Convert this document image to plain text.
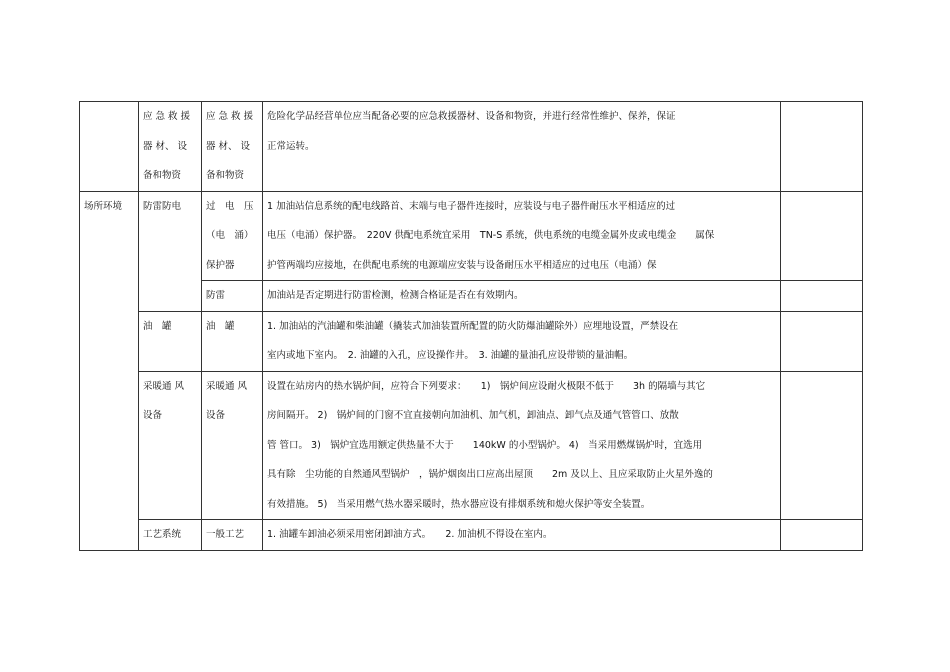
	应 急 救 援
器 材、 设
备和物资	应 急 救 援
器 材、 设
备和物资	危险化学品经营单位应当配备必要的应急救援器材、设备和物资，并进行经常性维护、保养，保证
正常运转。	

场所环境	防雷防电	过　电　压
（电　涌）
保护器	1 加油站信息系统的配电线路首、末端与电子器件连接时，应装设与电子器件耐压水平相适应的过
电压（电涌）保护器。　220V 供配电系统宜采用　TN-S 系统，供电系统的电缆金属外皮或电缆金　　属保
护管两端均应接地，在供配电系统的电源端应安装与设备耐压水平相适应的过电压（电涌）保	

		防雷	加油站是否定期进行防雷检测，检测合格证是否在有效期内。	
	油　罐	油　罐	1. 加油站的汽油罐和柴油罐（撬装式加油装置所配置的防火防爆油罐除外）应埋地设置，严禁设在
室内或地下室内。　2. 油罐的入孔，应设操作井。　3. 油罐的量油孔应设带锁的量油帽。	

	采暖通 风
设备	采暖通 风
设备	设置在站房内的热水锅炉间，应符合下列要求：　　1)　锅炉间应设耐火极限不低于　　3h 的隔墙与其它
房间隔开。 2)　锅炉间的门窗不宜直接朝向加油机、加气机，卸油点、卸气点及通气管管口、放散
管 管口。 3)　锅炉宜选用额定供热量不大于　　140kW 的小型锅炉。 4)　当采用燃煤锅炉时，宜选用
具有除　尘功能的自然通风型锅炉　，锅炉烟囱出口应高出屋顶　　2m 及以上、且应采取防止火星外逸的
有效措施。 5)　当采用燃气热水器采暖时，热水器应设有排烟系统和熄火保护等安全装置。	

	工艺系统	一般工艺	1. 油罐车卸油必须采用密闭卸油方式。　　2. 加油机不得设在室内。	
